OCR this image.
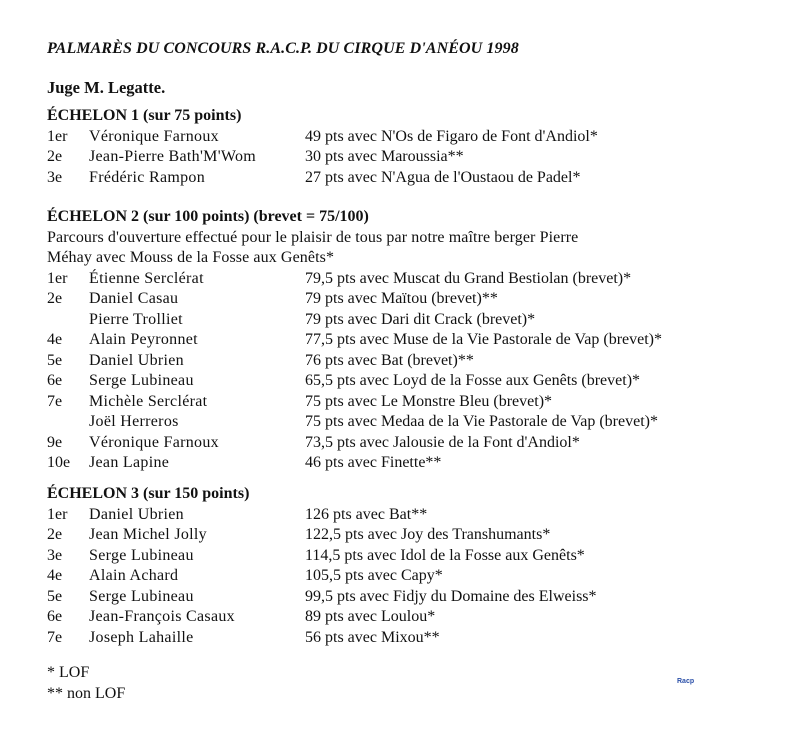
PALMARÈS DU CONCOURS R.A.C.P. DU CIRQUE D'ANÉOU 1998
Juge M. Legatte.
ÉCHELON 1 (sur 75 points)
1er Véronique Farnoux	49 pts avec N'Os de Figaro de Font d'Andiol*
2e Jean-Pierre Bath'M'Wom	30 pts avec Maroussia**
3e Frédéric Rampon	27 pts avec N'Agua de l'Oustaou de Padel*
ÉCHELON 2 (sur 100 points) (brevet = 75/100)
Parcours d'ouverture effectué pour le plaisir de tous par notre maître berger Pierre
Méhay avec Mouss de la Fosse aux Genêts*
1er Étienne Serclérat	79,5 pts avec Muscat du Grand Bestiolan (brevet)*
2e Daniel Casau	79 pts avec Maïtou (brevet)**
Pierre Trolliet	79 pts avec Dari dit Crack (brevet)*
4e Alain Peyronnet	77,5 pts avec Muse de la Vie Pastorale de Vap (brevet)*
5e Daniel Ubrien	76 pts avec Bat (brevet)**
6e Serge Lubineau	65,5 pts avec Loyd de la Fosse aux Genêts (brevet)*
7e Michèle Serclérat	75 pts avec Le Monstre Bleu (brevet)*
Joël Herreros	75 pts avec Medaa de la Vie Pastorale de Vap (brevet)*
9e Véronique Farnoux	73,5 pts avec Jalousie de la Font d'Andiol*
10e Jean Lapine	46 pts avec Finette**
ÉCHELON 3 (sur 150 points)
1er Daniel Ubrien	126 pts avec Bat**
2e Jean Michel Jolly	122,5 pts avec Joy des Transhumants*
3e Serge Lubineau	114,5 pts avec Idol de la Fosse aux Genêts*
4e Alain Achard	105,5 pts avec Capy*
5e Serge Lubineau	99,5 pts avec Fidjy du Domaine des Elweiss*
6e Jean-François Casaux	89 pts avec Loulou*
7e Joseph Lahaille	56 pts avec Mixou**
* LOF
** non LOF
Racp
